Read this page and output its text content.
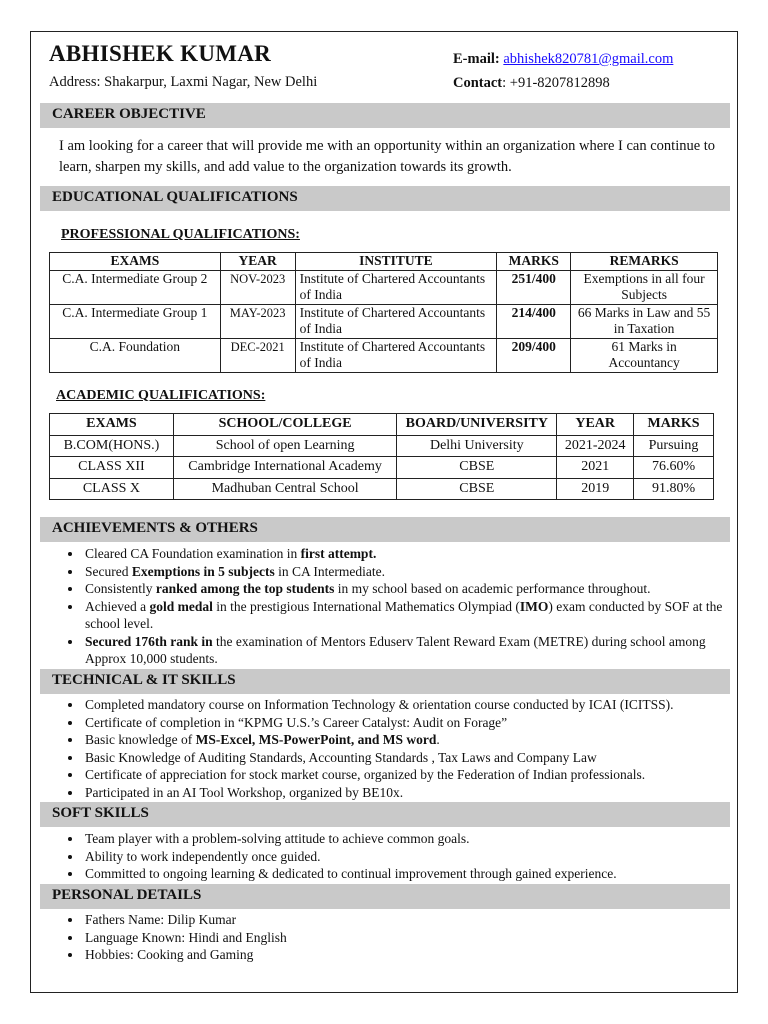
ABHISHEK KUMAR
Address: Shakarpur, Laxmi Nagar, New Delhi
E-mail: abhishek820781@gmail.com
Contact: +91-8207812898
CAREER OBJECTIVE
I am looking for a career that will provide me with an opportunity within an organization where I can continue to learn, sharpen my skills, and add value to the organization towards its growth.
EDUCATIONAL QUALIFICATIONS
PROFESSIONAL QUALIFICATIONS:
EXAMS	YEAR	INSTITUTE	MARKS	REMARKS
C.A. Intermediate Group 2	NOV-2023	Institute of Chartered Accountants of India	251/400	Exemptions in all four Subjects
C.A. Intermediate Group 1	MAY-2023	Institute of Chartered Accountants of India	214/400	66 Marks in Law and 55 in Taxation
C.A. Foundation	DEC-2021	Institute of Chartered Accountants of India	209/400	61 Marks in Accountancy
ACADEMIC QUALIFICATIONS:
EXAMS	SCHOOL/COLLEGE	BOARD/UNIVERSITY	YEAR	MARKS
B.COM(HONS.)	School of open Learning	Delhi University	2021-2024	Pursuing
CLASS XII	Cambridge International Academy	CBSE	2021	76.60%
CLASS X	Madhuban Central School	CBSE	2019	91.80%
ACHIEVEMENTS & OTHERS
• Cleared CA Foundation examination in first attempt.
• Secured Exemptions in 5 subjects in CA Intermediate.
• Consistently ranked among the top students in my school based on academic performance throughout.
• Achieved a gold medal in the prestigious International Mathematics Olympiad (IMO) exam conducted by SOF at the school level.
• Secured 176th rank in the examination of Mentors Eduserv Talent Reward Exam (METRE) during school among Approx 10,000 students.
TECHNICAL & IT SKILLS
• Completed mandatory course on Information Technology & orientation course conducted by ICAI (ICITSS).
• Certificate of completion in “KPMG U.S.’s Career Catalyst: Audit on Forage”
• Basic knowledge of MS-Excel, MS-PowerPoint, and MS word.
• Basic Knowledge of Auditing Standards, Accounting Standards , Tax Laws and Company Law
• Certificate of appreciation for stock market course, organized by the Federation of Indian professionals.
• Participated in an AI Tool Workshop, organized by BE10x.
SOFT SKILLS
• Team player with a problem-solving attitude to achieve common goals.
• Ability to work independently once guided.
• Committed to ongoing learning & dedicated to continual improvement through gained experience.
PERSONAL DETAILS
• Fathers Name: Dilip Kumar
• Language Known: Hindi and English
• Hobbies: Cooking and Gaming
